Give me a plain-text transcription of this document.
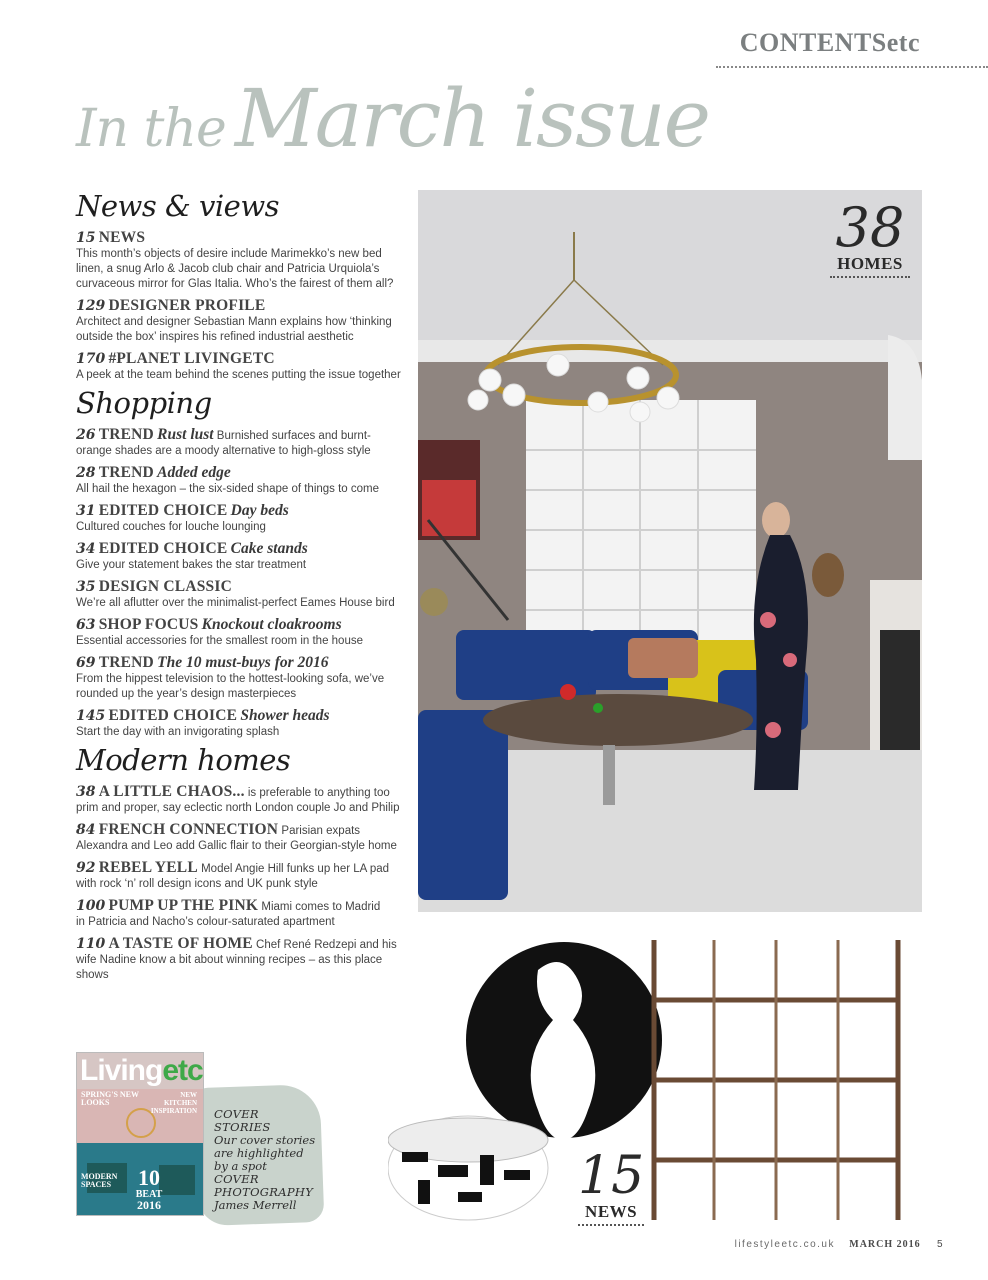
CONTENTSetc
In the March issue
News & views
15 NEWS
This month’s objects of desire include Marimekko’s new bed
linen, a snug Arlo & Jacob club chair and Patricia Urquiola’s
curvaceous mirror for Glas Italia. Who’s the fairest of them all?
129 DESIGNER PROFILE
Architect and designer Sebastian Mann explains how ‘thinking
outside the box’ inspires his refined industrial aesthetic
170 #PLANET LIVINGETC
A peek at the team behind the scenes putting the issue together
Shopping
26 TREND Rust lust Burnished surfaces and burnt-
orange shades are a moody alternative to high-gloss style
28 TREND Added edge
All hail the hexagon – the six-sided shape of things to come
31 EDITED CHOICE Day beds
Cultured couches for louche lounging
34 EDITED CHOICE Cake stands
Give your statement bakes the star treatment
35 DESIGN CLASSIC
We’re all aflutter over the minimalist-perfect Eames House bird
63 SHOP FOCUS Knockout cloakrooms
Essential accessories for the smallest room in the house
69 TREND The 10 must-buys for 2016
From the hippest television to the hottest-looking sofa, we’ve
rounded up the year’s design masterpieces
145 EDITED CHOICE Shower heads
Start the day with an invigorating splash
Modern homes
38 A LITTLE CHAOS... is preferable to anything too
prim and proper, say eclectic north London couple Jo and Philip
84 FRENCH CONNECTION Parisian expats
Alexandra and Leo add Gallic flair to their Georgian-style home
92 REBEL YELL Model Angie Hill funks up her LA pad
with rock ‘n’ roll design icons and UK punk style
100 PUMP UP THE PINK Miami comes to Madrid
in Patricia and Nacho’s colour-saturated apartment
110 A TASTE OF HOME Chef René Redzepi and his
wife Nadine know a bit about winning recipes – as this place shows
38
HOMES
15
NEWS
Livingetc
SPRING'S NEW LOOKS
NEW KITCHEN INSPIRATION
MODERN SPACES	10
BEAT
2016
COVER
STORIES
Our cover stories
are highlighted
by a spot
COVER
PHOTOGRAPHY
James Merrell
lifestyleetc.co.uk MARCH 2016 5
